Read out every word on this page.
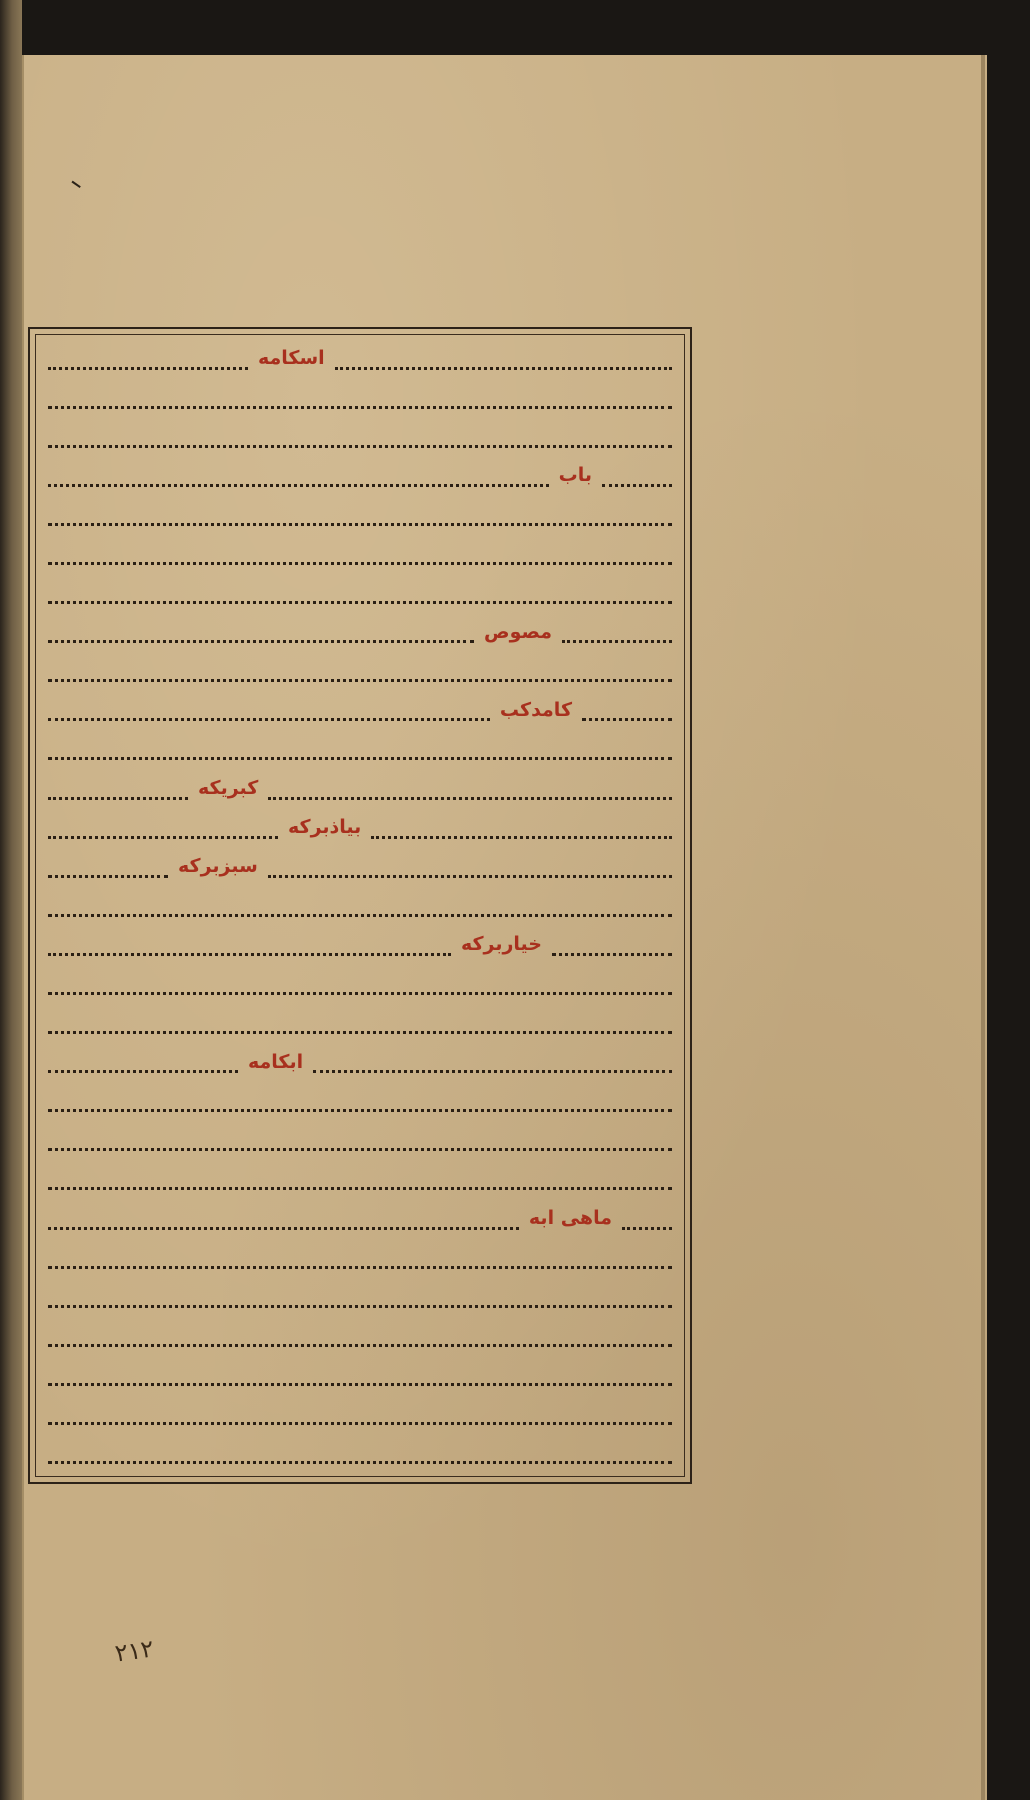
اسکامه
باب
مصوص
کامدکب
کبریکه
بیاذبرکه
سبزبرکه
خیاربرکه
ابکامه
ماهی ابه
٢١٢
